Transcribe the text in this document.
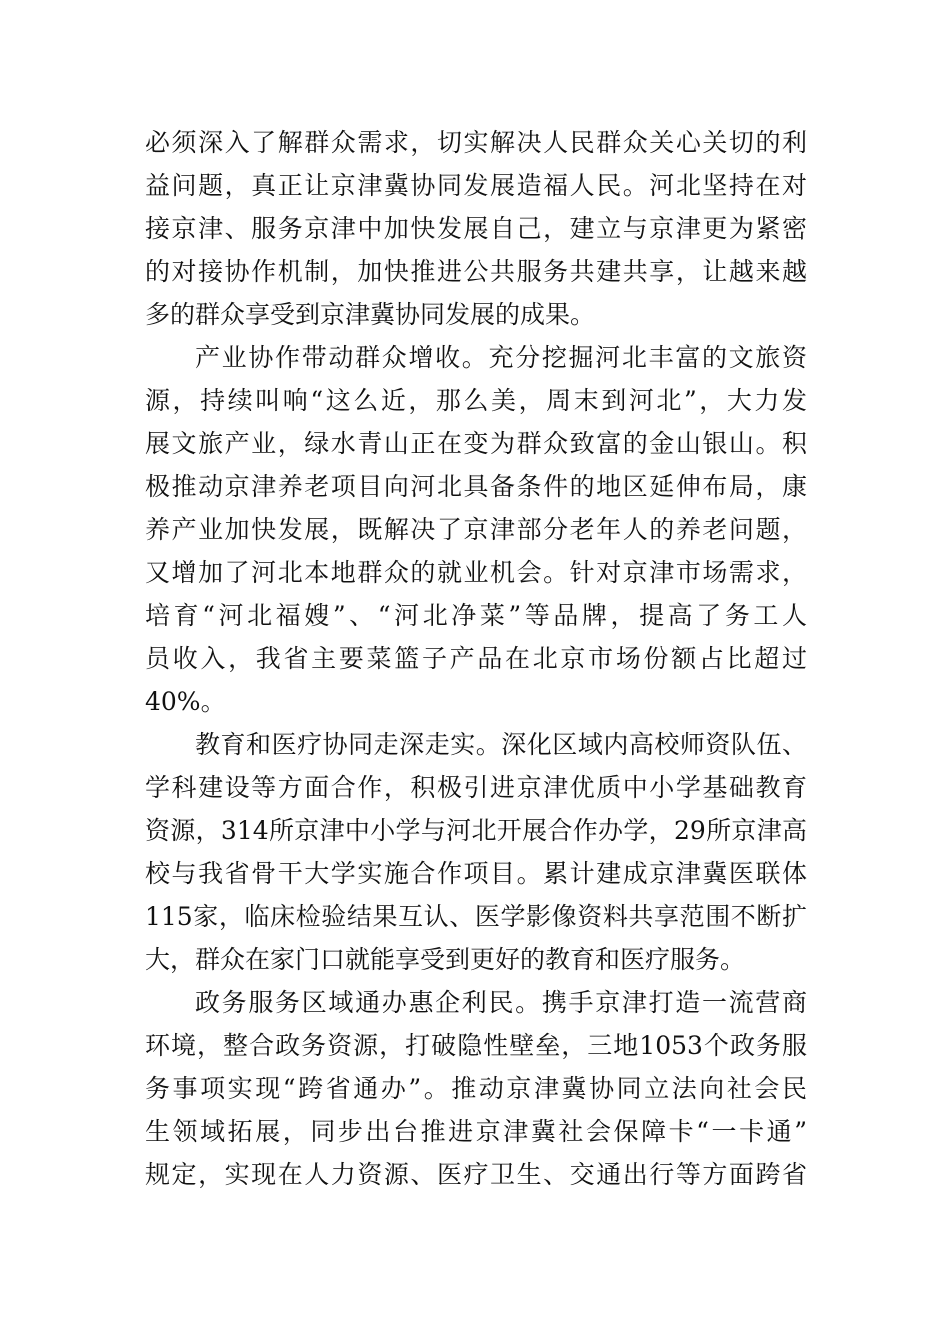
必须深入了解群众需求，切实解决人民群众关心关切的利
益问题，真正让京津冀协同发展造福人民。河北坚持在对
接京津、服务京津中加快发展自己，建立与京津更为紧密
的对接协作机制，加快推进公共服务共建共享，让越来越
多的群众享受到京津冀协同发展的成果。
产业协作带动群众增收。充分挖掘河北丰富的文旅资
源，持续叫响“这么近，那么美，周末到河北”，大力发
展文旅产业，绿水青山正在变为群众致富的金山银山。积
极推动京津养老项目向河北具备条件的地区延伸布局，康
养产业加快发展，既解决了京津部分老年人的养老问题，
又增加了河北本地群众的就业机会。针对京津市场需求，
培育“河北福嫂”、“河北净菜”等品牌，提高了务工人
员收入，我省主要菜篮子产品在北京市场份额占比超过
40%。
教育和医疗协同走深走实。深化区域内高校师资队伍、
学科建设等方面合作，积极引进京津优质中小学基础教育
资源，314所京津中小学与河北开展合作办学，29所京津高
校与我省骨干大学实施合作项目。累计建成京津冀医联体
115家，临床检验结果互认、医学影像资料共享范围不断扩
大，群众在家门口就能享受到更好的教育和医疗服务。
政务服务区域通办惠企利民。携手京津打造一流营商
环境，整合政务资源，打破隐性壁垒，三地1053个政务服
务事项实现“跨省通办”。推动京津冀协同立法向社会民
生领域拓展，同步出台推进京津冀社会保障卡“一卡通”
规定，实现在人力资源、医疗卫生、交通出行等方面跨省
